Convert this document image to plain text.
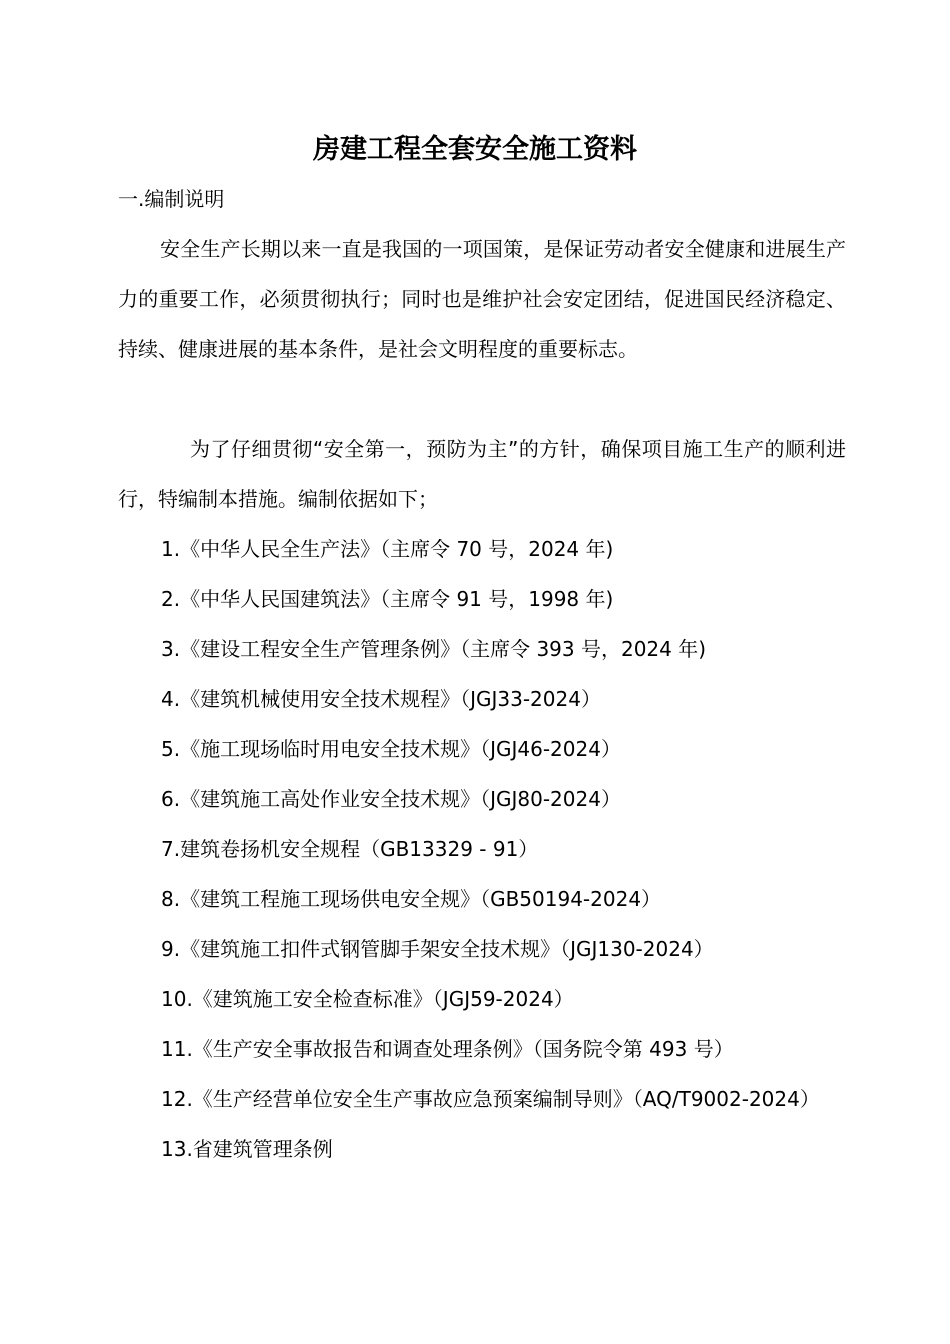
房建工程全套安全施工资料
一.编制说明

安全生产长期以来一直是我国的一项国策，是保证劳动者安全健康和进展生产力的重要工作，必须贯彻执行；同时也是维护社会安定团结，促进国民经济稳定、持续、健康进展的基本条件，是社会文明程度的重要标志。

为了仔细贯彻“安全第一，预防为主”的方针，确保项目施工生产的顺利进行，特编制本措施。编制依据如下；

1.《中华人民全生产法》（主席令 70 号，2024 年)
2.《中华人民国建筑法》（主席令 91 号，1998 年)
3.《建设工程安全生产管理条例》（主席令 393 号，2024 年)
4.《建筑机械使用安全技术规程》（JGJ33-2024）
5.《施工现场临时用电安全技术规》（JGJ46-2024）
6.《建筑施工高处作业安全技术规》（JGJ80-2024）
7.建筑卷扬机安全规程（GB13329 - 91）
8.《建筑工程施工现场供电安全规》（GB50194-2024）
9.《建筑施工扣件式钢管脚手架安全技术规》（JGJ130-2024）
10.《建筑施工安全检查标准》（JGJ59-2024）
11.《生产安全事故报告和调查处理条例》（国务院令第 493 号）
12.《生产经营单位安全生产事故应急预案编制导则》（AQ/T9002-2024）
13.省建筑管理条例
